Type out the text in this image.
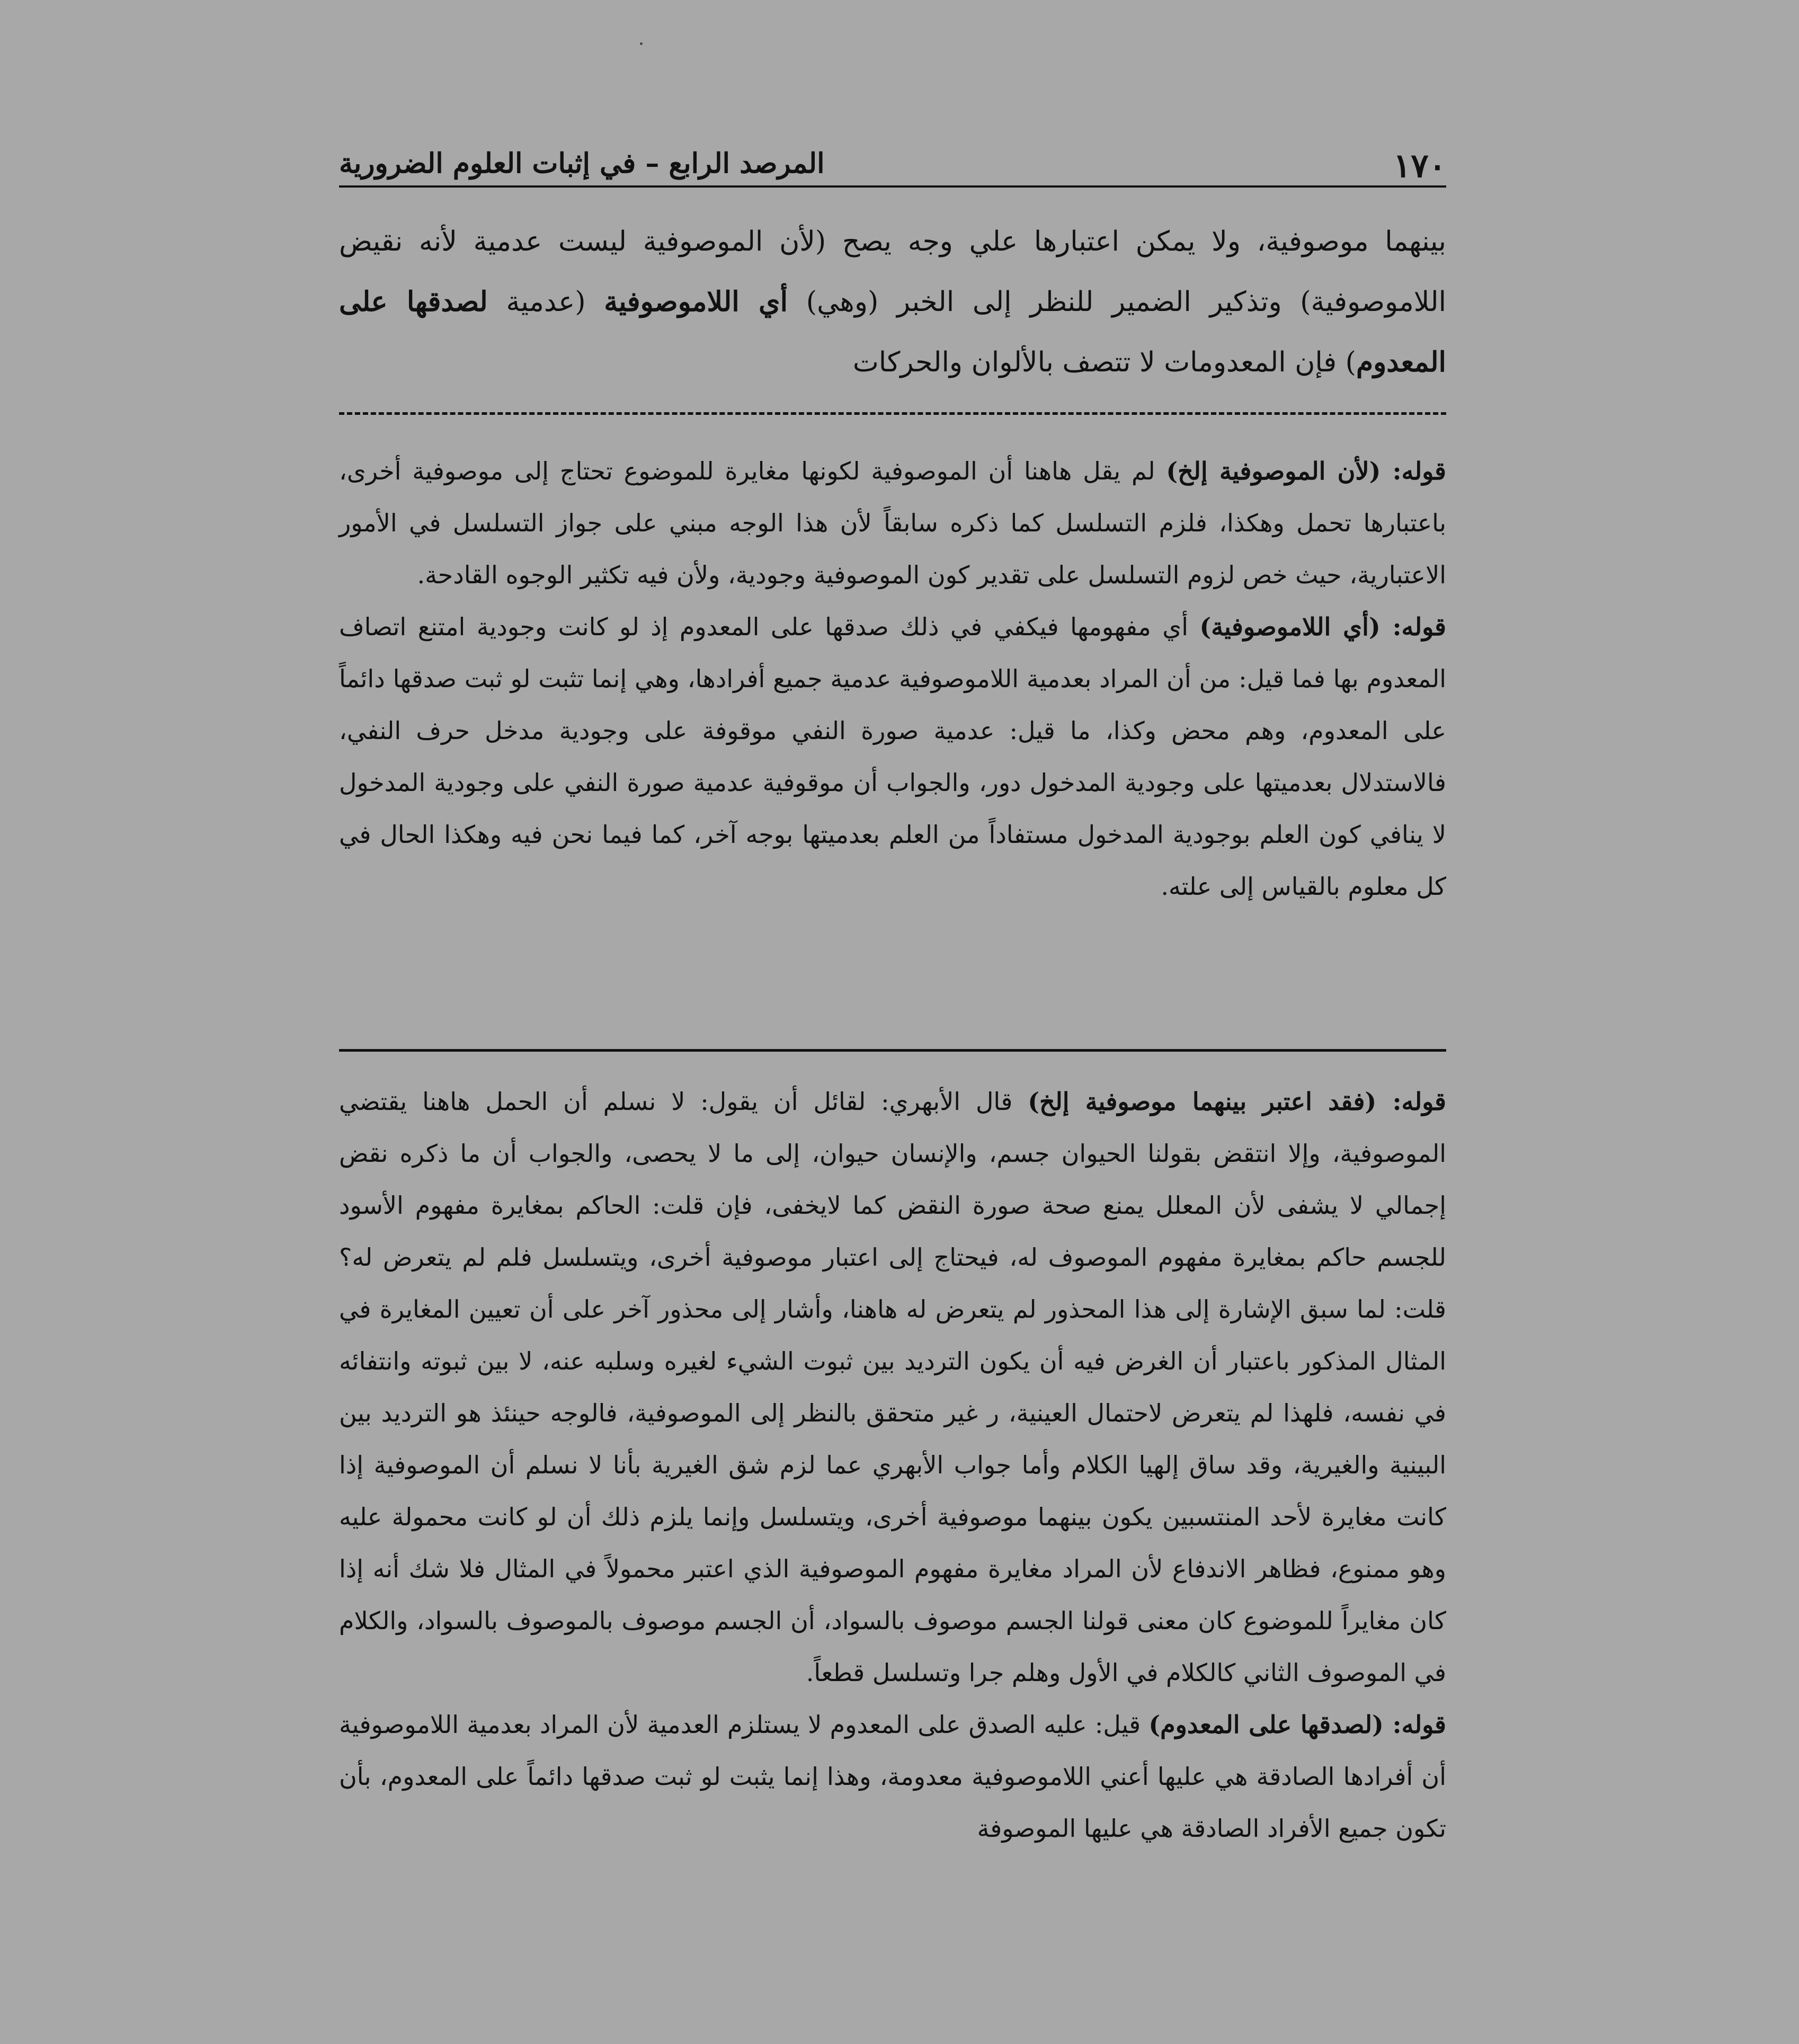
١٧٠
المرصد الرابع – في إثبات العلوم الضرورية
بينهما موصوفية، ولا يمكن اعتبارها علي وجه يصح (لأن الموصوفية ليست عدمية لأنه نقيض اللاموصوفية) وتذكير الضمير للنظر إلى الخبر (وهي) أي اللاموصوفية (عدمية لصدقها على المعدوم) فإن المعدومات لا تتصف بالألوان والحركات

قوله: (لأن الموصوفية إلخ) لم يقل هاهنا أن الموصوفية لكونها مغايرة للموضوع تحتاج إلى موصوفية أخرى، باعتبارها تحمل وهكذا، فلزم التسلسل كما ذكره سابقاً لأن هذا الوجه مبني على جواز التسلسل في الأمور الاعتبارية، حيث خص لزوم التسلسل على تقدير كون الموصوفية وجودية، ولأن فيه تكثير الوجوه القادحة.

قوله: (أي اللاموصوفية) أي مفهومها فيكفي في ذلك صدقها على المعدوم إذ لو كانت وجودية امتنع اتصاف المعدوم بها فما قيل: من أن المراد بعدمية اللاموصوفية عدمية جميع أفرادها، وهي إنما تثبت لو ثبت صدقها دائماً على المعدوم، وهم محض وكذا، ما قيل: عدمية صورة النفي موقوفة على وجودية مدخل حرف النفي، فالاستدلال بعدميتها على وجودية المدخول دور، والجواب أن موقوفية عدمية صورة النفي على وجودية المدخول لا ينافي كون العلم بوجودية المدخول مستفاداً من العلم بعدميتها بوجه آخر، كما فيما نحن فيه وهكذا الحال في كل معلوم بالقياس إلى علته.

قوله: (فقد اعتبر بينهما موصوفية إلخ) قال الأبهري: لقائل أن يقول: لا نسلم أن الحمل هاهنا يقتضي الموصوفية، وإلا انتقض بقولنا الحيوان جسم، والإنسان حيوان، إلى ما لا يحصى، والجواب أن ما ذكره نقض إجمالي لا يشفى لأن المعلل يمنع صحة صورة النقض كما لايخفى، فإن قلت: الحاكم بمغايرة مفهوم الأسود للجسم حاكم بمغايرة مفهوم الموصوف له، فيحتاج إلى اعتبار موصوفية أخرى، ويتسلسل فلم لم يتعرض له؟ قلت: لما سبق الإشارة إلى هذا المحذور لم يتعرض له هاهنا، وأشار إلى محذور آخر على أن تعيين المغايرة في المثال المذكور باعتبار أن الغرض فيه أن يكون الترديد بين ثبوت الشيء لغيره وسلبه عنه، لا بين ثبوته وانتفائه في نفسه، فلهذا لم يتعرض لاحتمال العينية، ر غير متحقق بالنظر إلى الموصوفية، فالوجه حينئذ هو الترديد بين البينية والغيرية، وقد ساق إلهيا الكلام وأما جواب الأبهري عما لزم شق الغيرية بأنا لا نسلم أن الموصوفية إذا كانت مغايرة لأحد المنتسبين يكون بينهما موصوفية أخرى، ويتسلسل وإنما يلزم ذلك أن لو كانت محمولة عليه وهو ممنوع، فظاهر الاندفاع لأن المراد مغايرة مفهوم الموصوفية الذي اعتبر محمولاً في المثال فلا شك أنه إذا كان مغايراً للموضوع كان معنى قولنا الجسم موصوف بالسواد، أن الجسم موصوف بالموصوف بالسواد، والكلام في الموصوف الثاني كالكلام في الأول وهلم جرا وتسلسل قطعاً.

قوله: (لصدقها على المعدوم) قيل: عليه الصدق على المعدوم لا يستلزم العدمية لأن المراد بعدمية اللاموصوفية أن أفرادها الصادقة هي عليها أعني اللاموصوفية معدومة، وهذا إنما يثبت لو ثبت صدقها دائماً على المعدوم، بأن تكون جميع الأفراد الصادقة هي عليها الموصوفة
